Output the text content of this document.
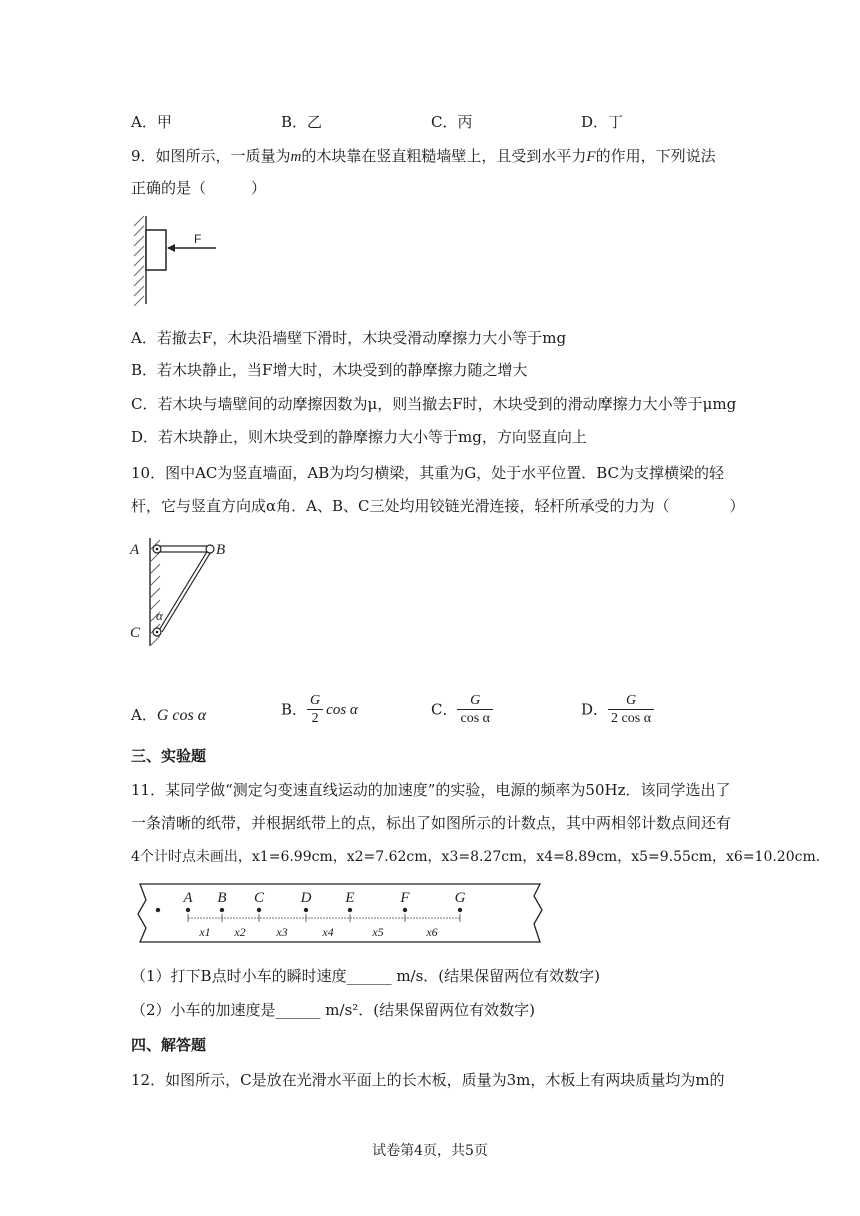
A．甲	B．乙	C．丙	D．丁
9．如图所示，一质量为m的木块靠在竖直粗糙墙壁上，且受到水平力F的作用，下列说法
正确的是（　　　）
F
A．若撤去F，木块沿墙壁下滑时，木块受滑动摩擦力大小等于mg
B．若木块静止，当F增大时，木块受到的静摩擦力随之增大
C．若木块与墙壁间的动摩擦因数为μ，则当撤去F时，木块受到的滑动摩擦力大小等于μmg
D．若木块静止，则木块受到的静摩擦力大小等于mg，方向竖直向上
10．图中AC为竖直墙面，AB为均匀横梁，其重为G，处于水平位置．BC为支撑横梁的轻
杆，它与竖直方向成α角．A、B、C三处均用铰链光滑连接，轻杆所承受的力为（　　　　）
A	B
C
α
A．G cos α	B． $\frac{G}{2}$ cos α	C． $\frac{G}{\text{cos α}}$	D． $\frac{G}{\text{2 cos α}}$
三、实验题
11．某同学做“测定匀变速直线运动的加速度”的实验，电源的频率为50Hz．该同学选出了
一条清晰的纸带，并根据纸带上的点，标出了如图所示的计数点，其中两相邻计数点间还有
4个计时点未画出，x1=6.99cm，x2=7.62cm，x3=8.27cm，x4=8.89cm，x5=9.55cm，x6=10.20cm．
A B C D E	F	G
x1 x2	x3	x4	x5	x6
（1）打下B点时小车的瞬时速度______ m/s．(结果保留两位有效数字)
（2）小车的加速度是______ m/s²．(结果保留两位有效数字)
四、解答题
12．如图所示，C是放在光滑水平面上的长木板，质量为3m，木板上有两块质量均为m的
试卷第4页，共5页
